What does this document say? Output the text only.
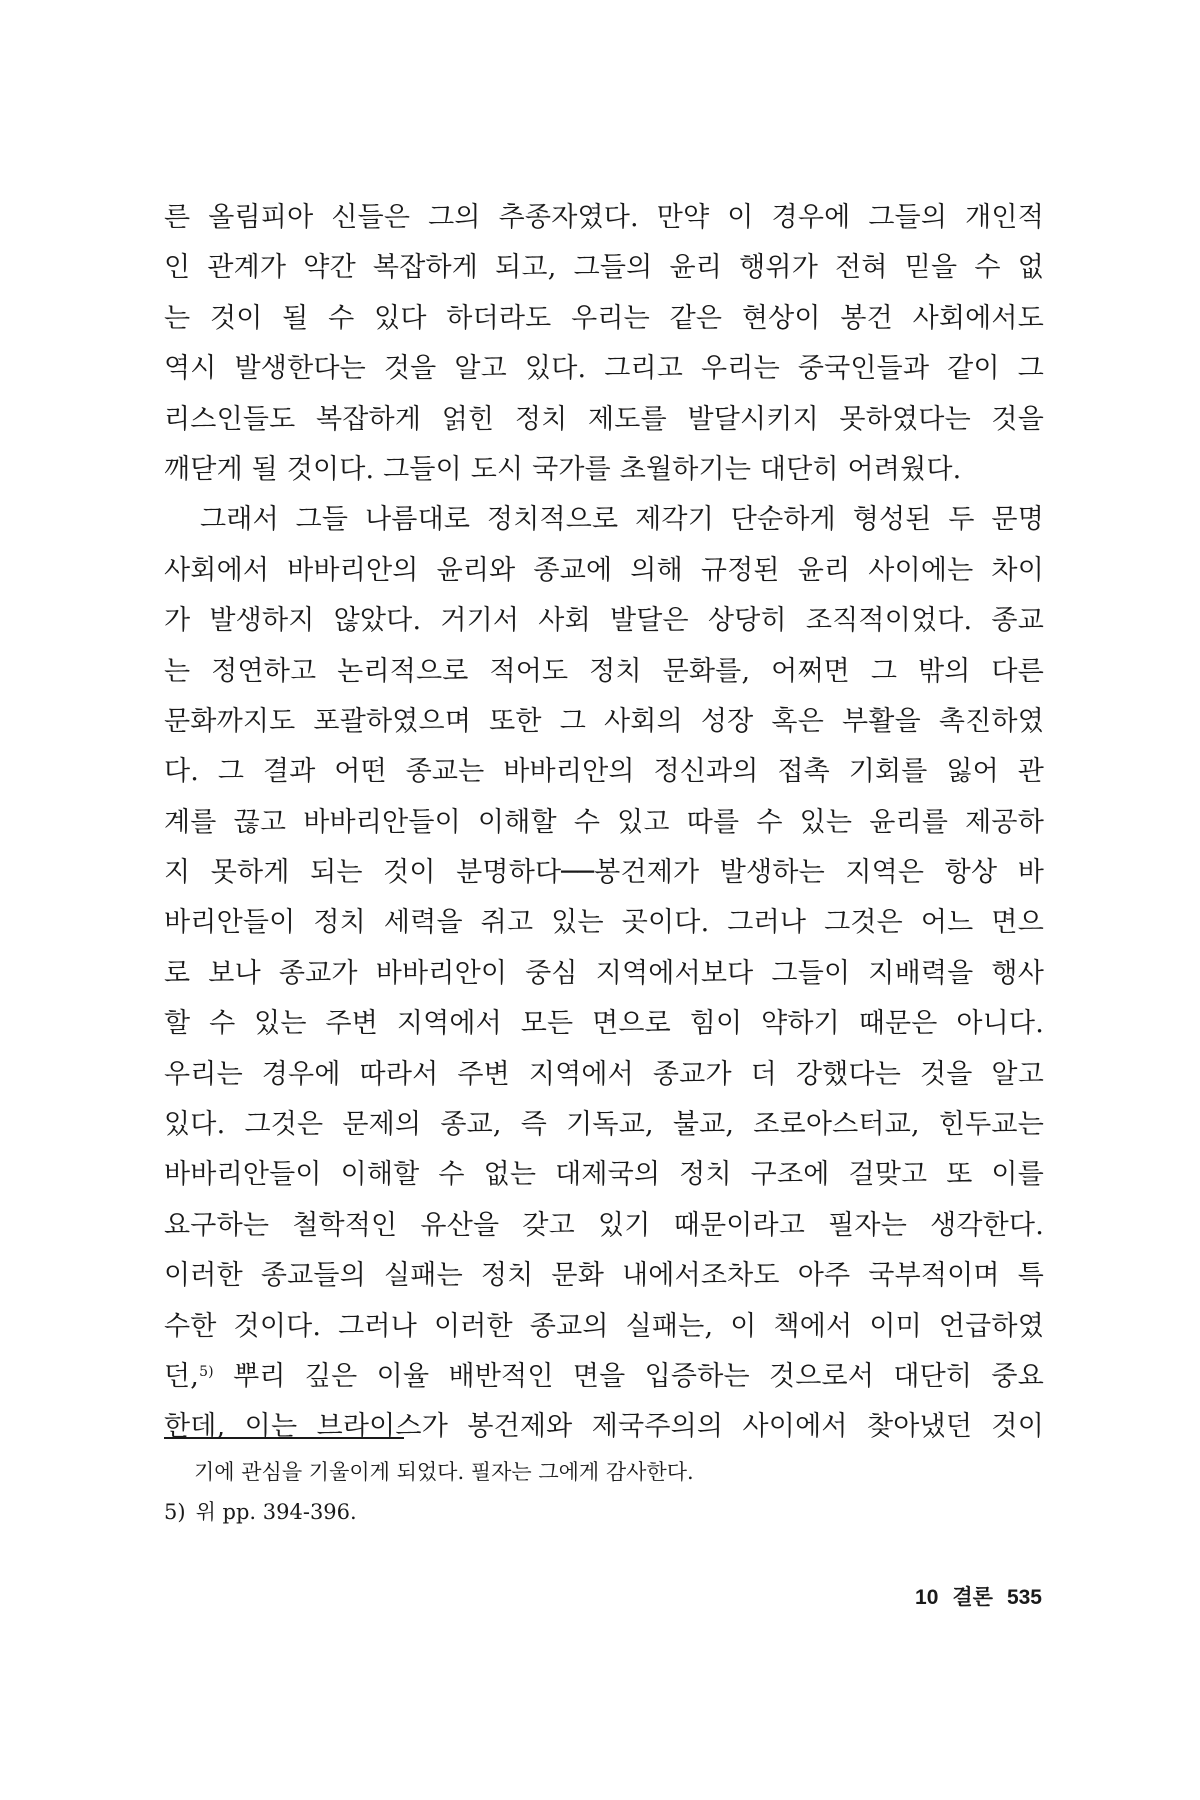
른 올림피아 신들은 그의 추종자였다. 만약 이 경우에 그들의 개인적
인 관계가 약간 복잡하게 되고, 그들의 윤리 행위가 전혀 믿을 수 없
는 것이 될 수 있다 하더라도 우리는 같은 현상이 봉건 사회에서도
역시 발생한다는 것을 알고 있다. 그리고 우리는 중국인들과 같이 그
리스인들도 복잡하게 얽힌 정치 제도를 발달시키지 못하였다는 것을
깨닫게 될 것이다. 그들이 도시 국가를 초월하기는 대단히 어려웠다.
그래서 그들 나름대로 정치적으로 제각기 단순하게 형성된 두 문명
사회에서 바바리안의 윤리와 종교에 의해 규정된 윤리 사이에는 차이
가 발생하지 않았다. 거기서 사회 발달은 상당히 조직적이었다. 종교
는 정연하고 논리적으로 적어도 정치 문화를, 어쩌면 그 밖의 다른
문화까지도 포괄하였으며 또한 그 사회의 성장 혹은 부활을 촉진하였
다. 그 결과 어떤 종교는 바바리안의 정신과의 접촉 기회를 잃어 관
계를 끊고 바바리안들이 이해할 수 있고 따를 수 있는 윤리를 제공하
지 못하게 되는 것이 분명하다──봉건제가 발생하는 지역은 항상 바
바리안들이 정치 세력을 쥐고 있는 곳이다. 그러나 그것은 어느 면으
로 보나 종교가 바바리안이 중심 지역에서보다 그들이 지배력을 행사
할 수 있는 주변 지역에서 모든 면으로 힘이 약하기 때문은 아니다.
우리는 경우에 따라서 주변 지역에서 종교가 더 강했다는 것을 알고
있다. 그것은 문제의 종교, 즉 기독교, 불교, 조로아스터교, 힌두교는
바바리안들이 이해할 수 없는 대제국의 정치 구조에 걸맞고 또 이를
요구하는 철학적인 유산을 갖고 있기 때문이라고 필자는 생각한다.
이러한 종교들의 실패는 정치 문화 내에서조차도 아주 국부적이며 특
수한 것이다. 그러나 이러한 종교의 실패는, 이 책에서 이미 언급하였
던,$^{5)}$ 뿌리 깊은 이율 배반적인 면을 입증하는 것으로서 대단히 중요
한데, 이는 브라이스가 봉건제와 제국주의의 사이에서 찾아냈던 것이
기에 관심을 기울이게 되었다. 필자는 그에게 감사한다.
5) 위 pp. 394-396.
10 결론 535
